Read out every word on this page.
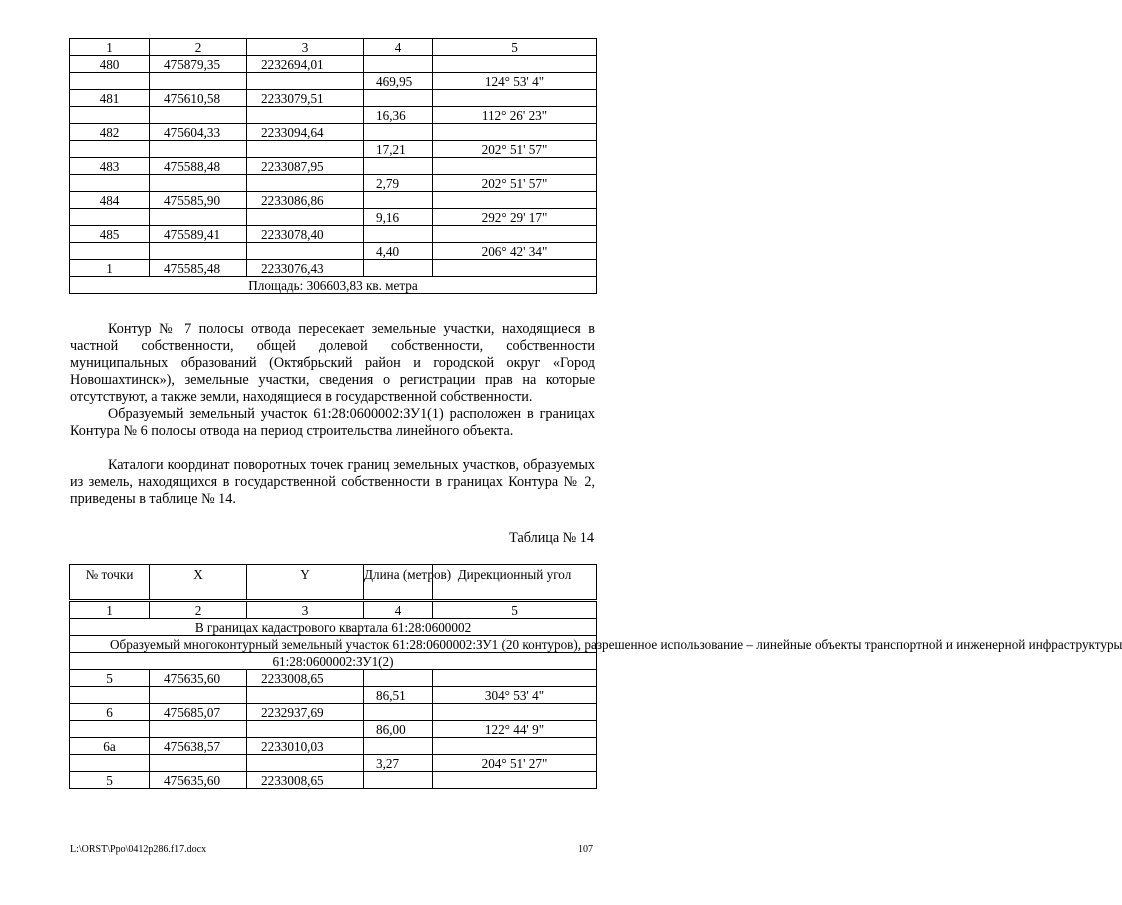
1	2	3	4	5
480	475879,35	2232694,01		
			469,95	124° 53' 4"
481	475610,58	2233079,51		
			16,36	112° 26' 23"
482	475604,33	2233094,64		
			17,21	202° 51' 57"
483	475588,48	2233087,95		
			2,79	202° 51' 57"
484	475585,90	2233086,86		
			9,16	292° 29' 17"
485	475589,41	2233078,40		
			4,40	206° 42' 34"
1	475585,48	2233076,43		
Площадь: 306603,83 кв. метра				

Контур № 7 полосы отвода пересекает земельные участки, находящиеся в частной собственности, общей долевой собственности, собственности муниципальных образований (Октябрьский район и городской округ «Город Новошахтинск»), земельные участки, сведения о регистрации прав на которые отсутствуют, а также земли, находящиеся в государственной собственности.

Образуемый земельный участок 61:28:0600002:ЗУ1(1) расположен в границах Контура № 6 полосы отвода на период строительства линейного объекта.

Каталоги координат поворотных точек границ земельных участков, образуемых из земель, находящихся в государственной собственности в границах Контура № 2, приведены в таблице № 14.

Таблица № 14

№ точки	X	Y	Длина (метров)	Дирекционный угол
1	2	3	4	5
В границах кадастрового квартала 61:28:0600002				
Образуемый многоконтурный земельный участок 61:28:0600002:ЗУ1 (20 контуров), разрешенное использование – линейные объекты транспортной и инженерной инфраструктуры				
61:28:0600002:ЗУ1(2)				
5	475635,60	2233008,65		
			86,51	304° 53' 4"
6	475685,07	2232937,69		
			86,00	122° 44' 9"
6а	475638,57	2233010,03		
			3,27	204° 51' 27"
5	475635,60	2233008,65		
L:\ORST\Ppo\0412p286.f17.docx	107
